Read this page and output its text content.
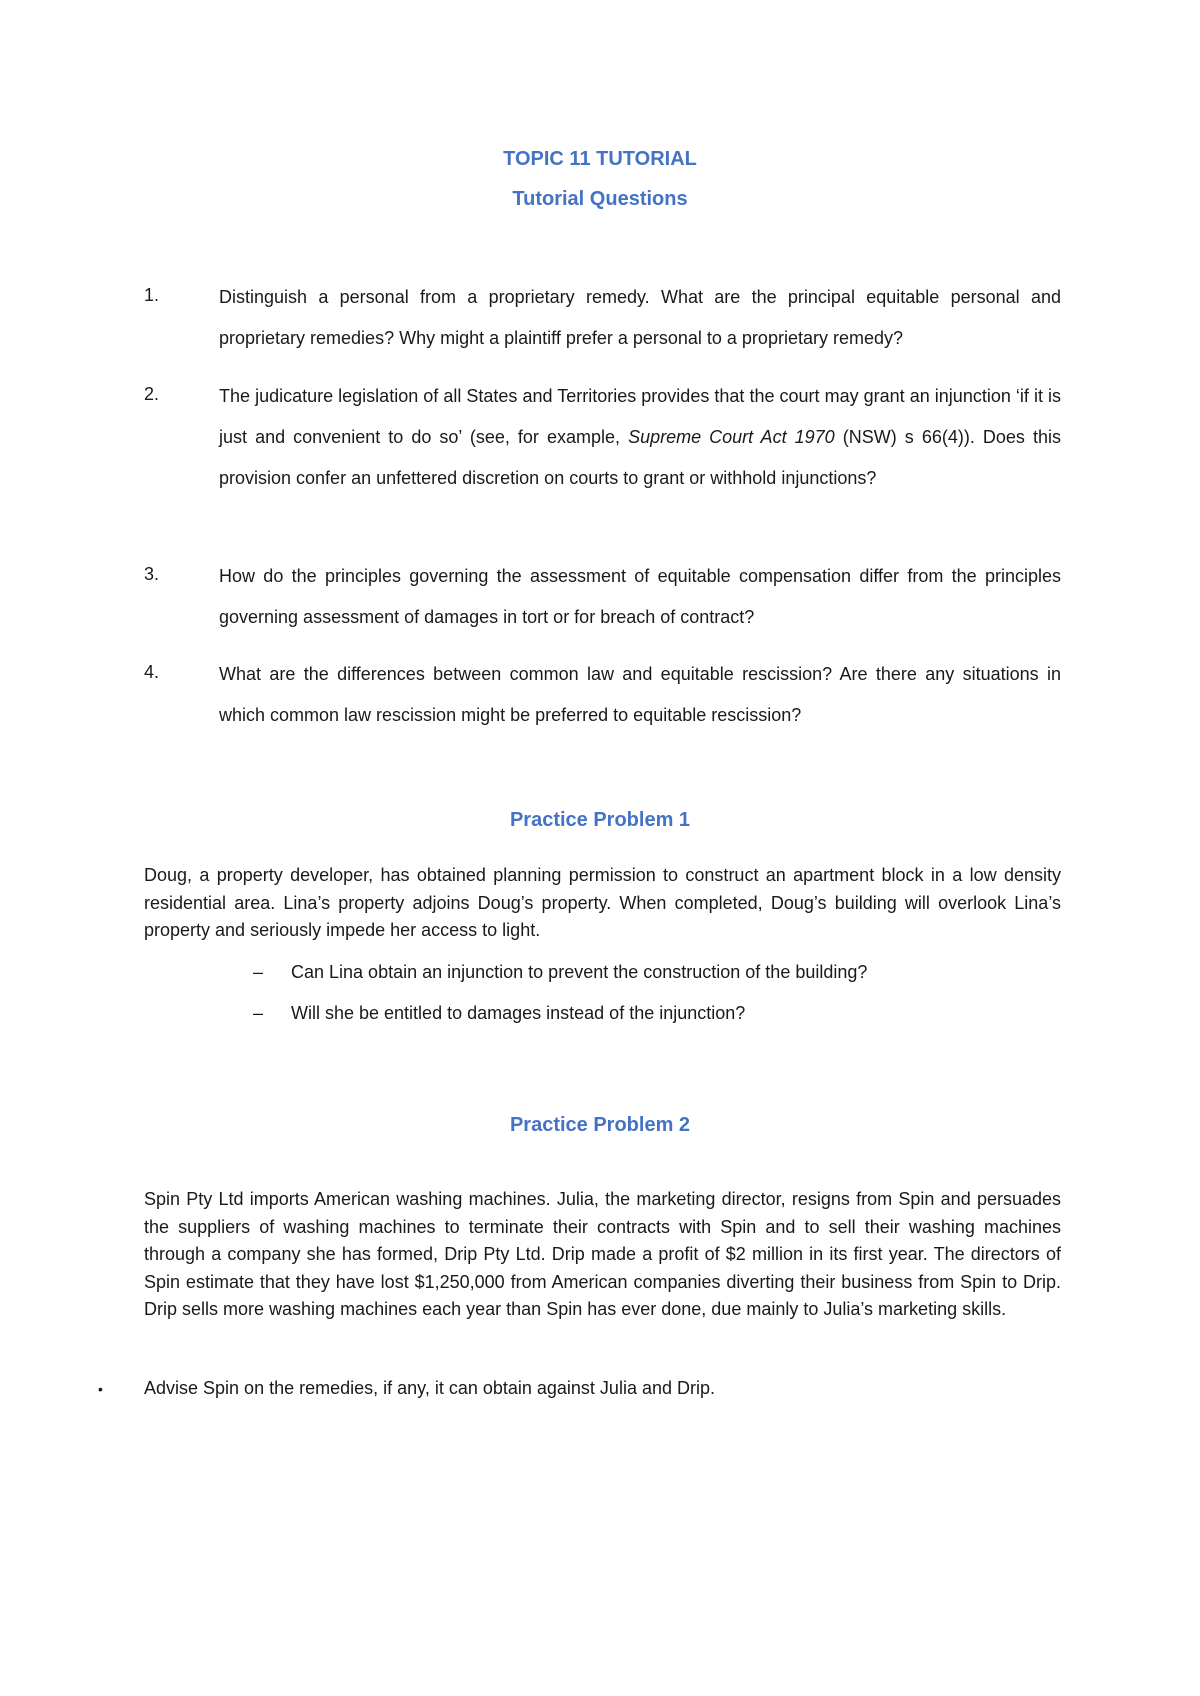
TOPIC 11 TUTORIAL
Tutorial Questions
1.	Distinguish a personal from a proprietary remedy. What are the principal equitable personal and proprietary remedies? Why might a plaintiff prefer a personal to a proprietary remedy?
2.	The judicature legislation of all States and Territories provides that the court may grant an injunction ‘if it is just and convenient to do so’ (see, for example, Supreme Court Act 1970 (NSW) s 66(4)). Does this provision confer an unfettered discretion on courts to grant or withhold injunctions?
3.	How do the principles governing the assessment of equitable compensation differ from the principles governing assessment of damages in tort or for breach of contract?
4.	What are the differences between common law and equitable rescission? Are there any situations in which common law rescission might be preferred to equitable rescission?
Practice Problem 1
Doug, a property developer, has obtained planning permission to construct an apartment block in a low density residential area. Lina’s property adjoins Doug’s property. When completed, Doug’s building will overlook Lina’s property and seriously impede her access to light.
– Can Lina obtain an injunction to prevent the construction of the building?
– Will she be entitled to damages instead of the injunction?
Practice Problem 2
Spin Pty Ltd imports American washing machines. Julia, the marketing director, resigns from Spin and persuades the suppliers of washing machines to terminate their contracts with Spin and to sell their washing machines through a company she has formed, Drip Pty Ltd. Drip made a profit of $2 million in its first year. The directors of Spin estimate that they have lost $1,250,000 from American companies diverting their business from Spin to Drip. Drip sells more washing machines each year than Spin has ever done, due mainly to Julia’s marketing skills.
• Advise Spin on the remedies, if any, it can obtain against Julia and Drip.
